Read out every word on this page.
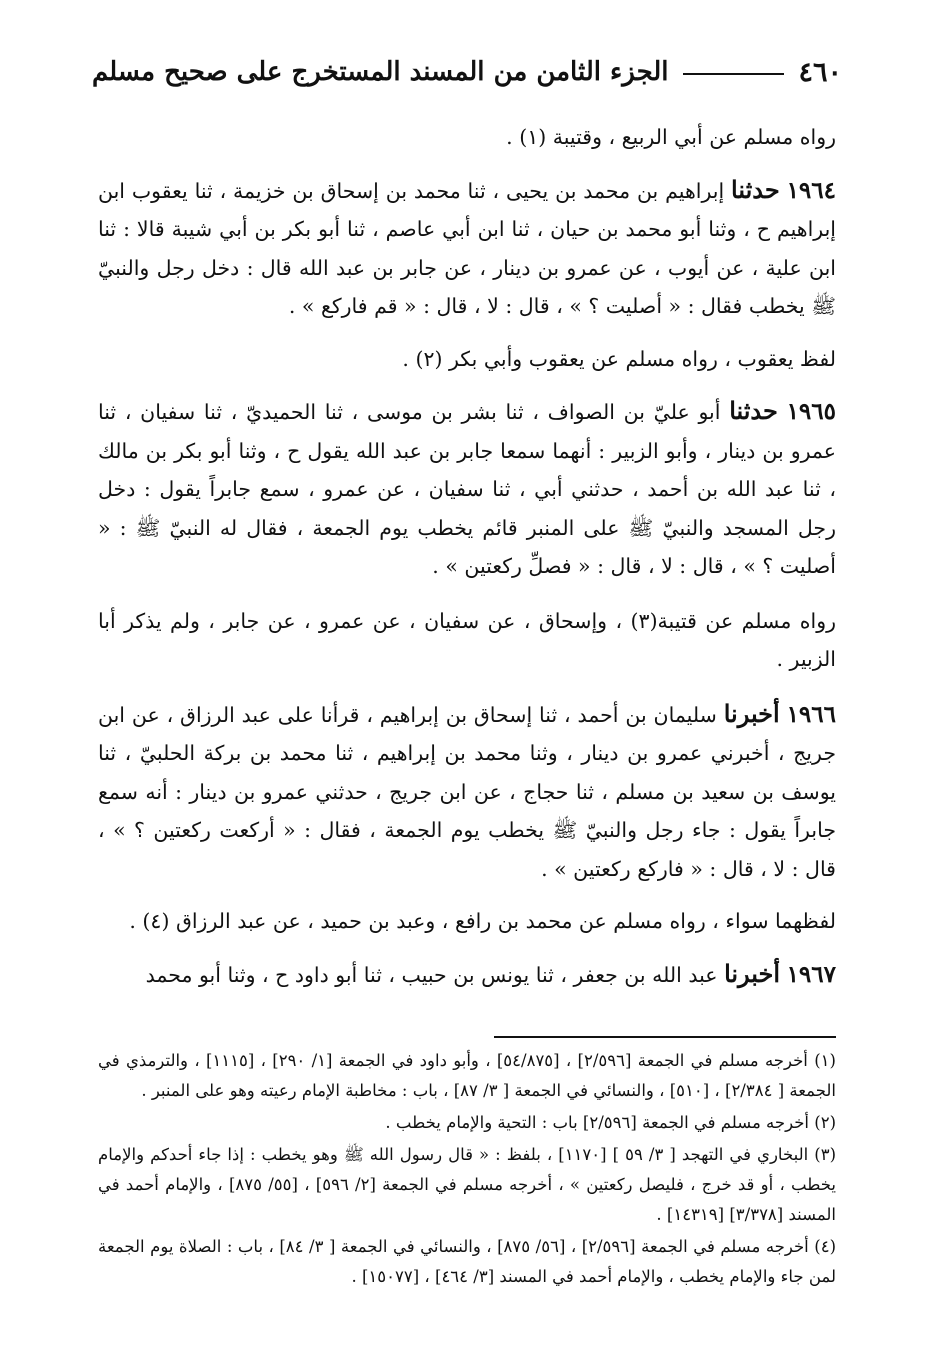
٤٦٠
الجزء الثامن من المسند المستخرج على صحيح مسلم

رواه مسلم عن أبي الربيع ، وقتيبة (١) .

١٩٦٤ حدثنا إبراهيم بن محمد بن يحيى ، ثنا محمد بن إسحاق بن خزيمة ، ثنا يعقوب ابن إبراهيم ح ، وثنا أبو محمد بن حيان ، ثنا ابن أبي عاصم ، ثنا أبو بكر بن أبي شيبة قالا : ثنا ابن علية ، عن أيوب ، عن عمرو بن دينار ، عن جابر بن عبد الله قال : دخل رجل والنبيّ ﷺ يخطب فقال : « أصليت ؟ » ، قال : لا ، قال : « قم فاركع » .

لفظ يعقوب ، رواه مسلم عن يعقوب وأبي بكر (٢) .

١٩٦٥ حدثنا أبو عليّ بن الصواف ، ثنا بشر بن موسى ، ثنا الحميديّ ، ثنا سفيان ، ثنا عمرو بن دينار ، وأبو الزبير : أنهما سمعا جابر بن عبد الله يقول ح ، وثنا أبو بكر بن مالك ، ثنا عبد الله بن أحمد ، حدثني أبي ، ثنا سفيان ، عن عمرو ، سمع جابراً يقول : دخل رجل المسجد والنبيّ ﷺ على المنبر قائم يخطب يوم الجمعة ، فقال له النبيّ ﷺ : « أصليت ؟ » ، قال : لا ، قال : « فصلِّ ركعتين » .

رواه مسلم عن قتيبة(٣) ، وإسحاق ، عن سفيان ، عن عمرو ، عن جابر ، ولم يذكر أبا الزبير .

١٩٦٦ أخبرنا سليمان بن أحمد ، ثنا إسحاق بن إبراهيم ، قرأنا على عبد الرزاق ، عن ابن جريج ، أخبرني عمرو بن دينار ، وثنا محمد بن إبراهيم ، ثنا محمد بن بركة الحلبيّ ، ثنا يوسف بن سعيد بن مسلم ، ثنا حجاج ، عن ابن جريج ، حدثني عمرو بن دينار : أنه سمع جابراً يقول : جاء رجل والنبيّ ﷺ يخطب يوم الجمعة ، فقال : « أركعت ركعتين ؟ » ، قال : لا ، قال : « فاركع ركعتين » .

لفظهما سواء ، رواه مسلم عن محمد بن رافع ، وعبد بن حميد ، عن عبد الرزاق (٤) .

١٩٦٧ أخبرنا عبد الله بن جعفر ، ثنا يونس بن حبيب ، ثنا أبو داود ح ، وثنا أبو محمد

(١) أخرجه مسلم في الجمعة [٢/٥٩٦] ، [٥٤/٨٧٥] ، وأبو داود في الجمعة [١/ ٢٩٠] ، [١١١٥] ، والترمذي في الجمعة [ ٢/٣٨٤] ، [٥١٠] ، والنسائي في الجمعة [ ٣/ ٨٧] ، باب : مخاطبة الإمام رعيته وهو على المنبر .

(٢) أخرجه مسلم في الجمعة [٢/٥٩٦] باب : التحية والإمام يخطب .

(٣) البخاري في التهجد [ ٣/ ٥٩ ] [١١٧٠] ، بلفظ : « قال رسول الله ﷺ وهو يخطب : إذا جاء أحدكم والإمام يخطب ، أو قد خرج ، فليصل ركعتين » ، أخرجه مسلم في الجمعة [٢/ ٥٩٦] ، [٥٥/ ٨٧٥] ، والإمام أحمد في المسند [٣/٣٧٨] [١٤٣١٩] .

(٤) أخرجه مسلم في الجمعة [٢/٥٩٦] ، [٥٦/ ٨٧٥] ، والنسائي في الجمعة [ ٣/ ٨٤] ، باب : الصلاة يوم الجمعة لمن جاء والإمام يخطب ، والإمام أحمد في المسند [٣/ ٤٦٤] ، [١٥٠٧٧] .
